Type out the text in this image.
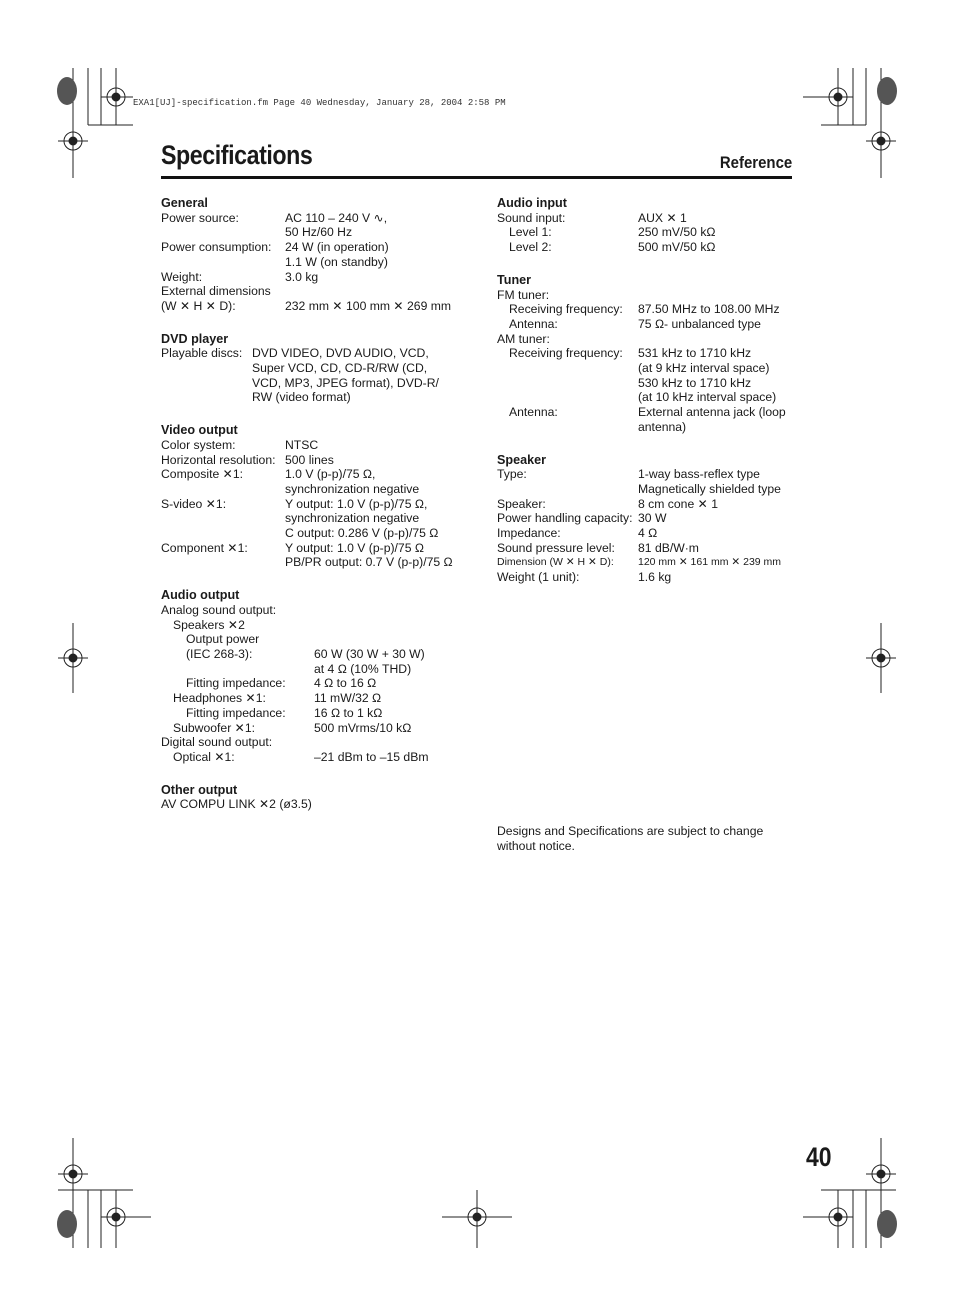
EXA1[UJ]-specification.fm Page 40 Wednesday, January 28, 2004 2:58 PM
Specifications	Reference
General
Power source:	AC 110 – 240 V ∿,
50 Hz/60 Hz
Power consumption:	24 W (in operation)
1.1 W (on standby)
Weight:	3.0 kg
External dimensions
(W ✕ H ✕ D):	232 mm ✕ 100 mm ✕ 269 mm
DVD player
Playable discs: DVD VIDEO, DVD AUDIO, VCD,
Super VCD, CD, CD-R/RW (CD,
VCD, MP3, JPEG format), DVD-R/
RW (video format)
Video output
Color system:	NTSC
Horizontal resolution: 500 lines
Composite ✕1:	1.0 V (p-p)/75 Ω,
synchronization negative
S-video ✕1:	Y output: 1.0 V (p-p)/75 Ω,
synchronization negative
C output: 0.286 V (p-p)/75 Ω
Component ✕1:	Y output: 1.0 V (p-p)/75 Ω
PB/PR output: 0.7 V (p-p)/75 Ω
Audio output
Analog sound output:
Speakers ✕2
Output power
(IEC 268-3):	60 W (30 W + 30 W)
at 4 Ω (10% THD)
Fitting impedance:	4 Ω to 16 Ω
Headphones ✕1:	11 mW/32 Ω
Fitting impedance:	16 Ω to 1 kΩ
Subwoofer ✕1:	500 mVrms/10 kΩ
Digital sound output:
Optical ✕1:	–21 dBm to –15 dBm
Other output
AV COMPU LINK ✕2 (ø3.5)
Audio input
Sound input:	AUX ✕ 1
Level 1:	250 mV/50 kΩ
Level 2:	500 mV/50 kΩ
Tuner
FM tuner:
Receiving frequency:	87.50 MHz to 108.00 MHz
Antenna:	75 Ω- unbalanced type
AM tuner:
Receiving frequency:	531 kHz to 1710 kHz
(at 9 kHz interval space)
530 kHz to 1710 kHz
(at 10 kHz interval space)
Antenna:	External antenna jack (loop
antenna)
Speaker
Type:	1-way bass-reflex type
Magnetically shielded type
Speaker:	8 cm cone ✕ 1
Power handling capacity: 30 W
Impedance:	4 Ω
Sound pressure level:	81 dB/W·m
Dimension (W ✕ H ✕ D):	120 mm ✕ 161 mm ✕ 239 mm
Weight (1 unit):	1.6 kg
Designs and Specifications are subject to change without notice.
40
